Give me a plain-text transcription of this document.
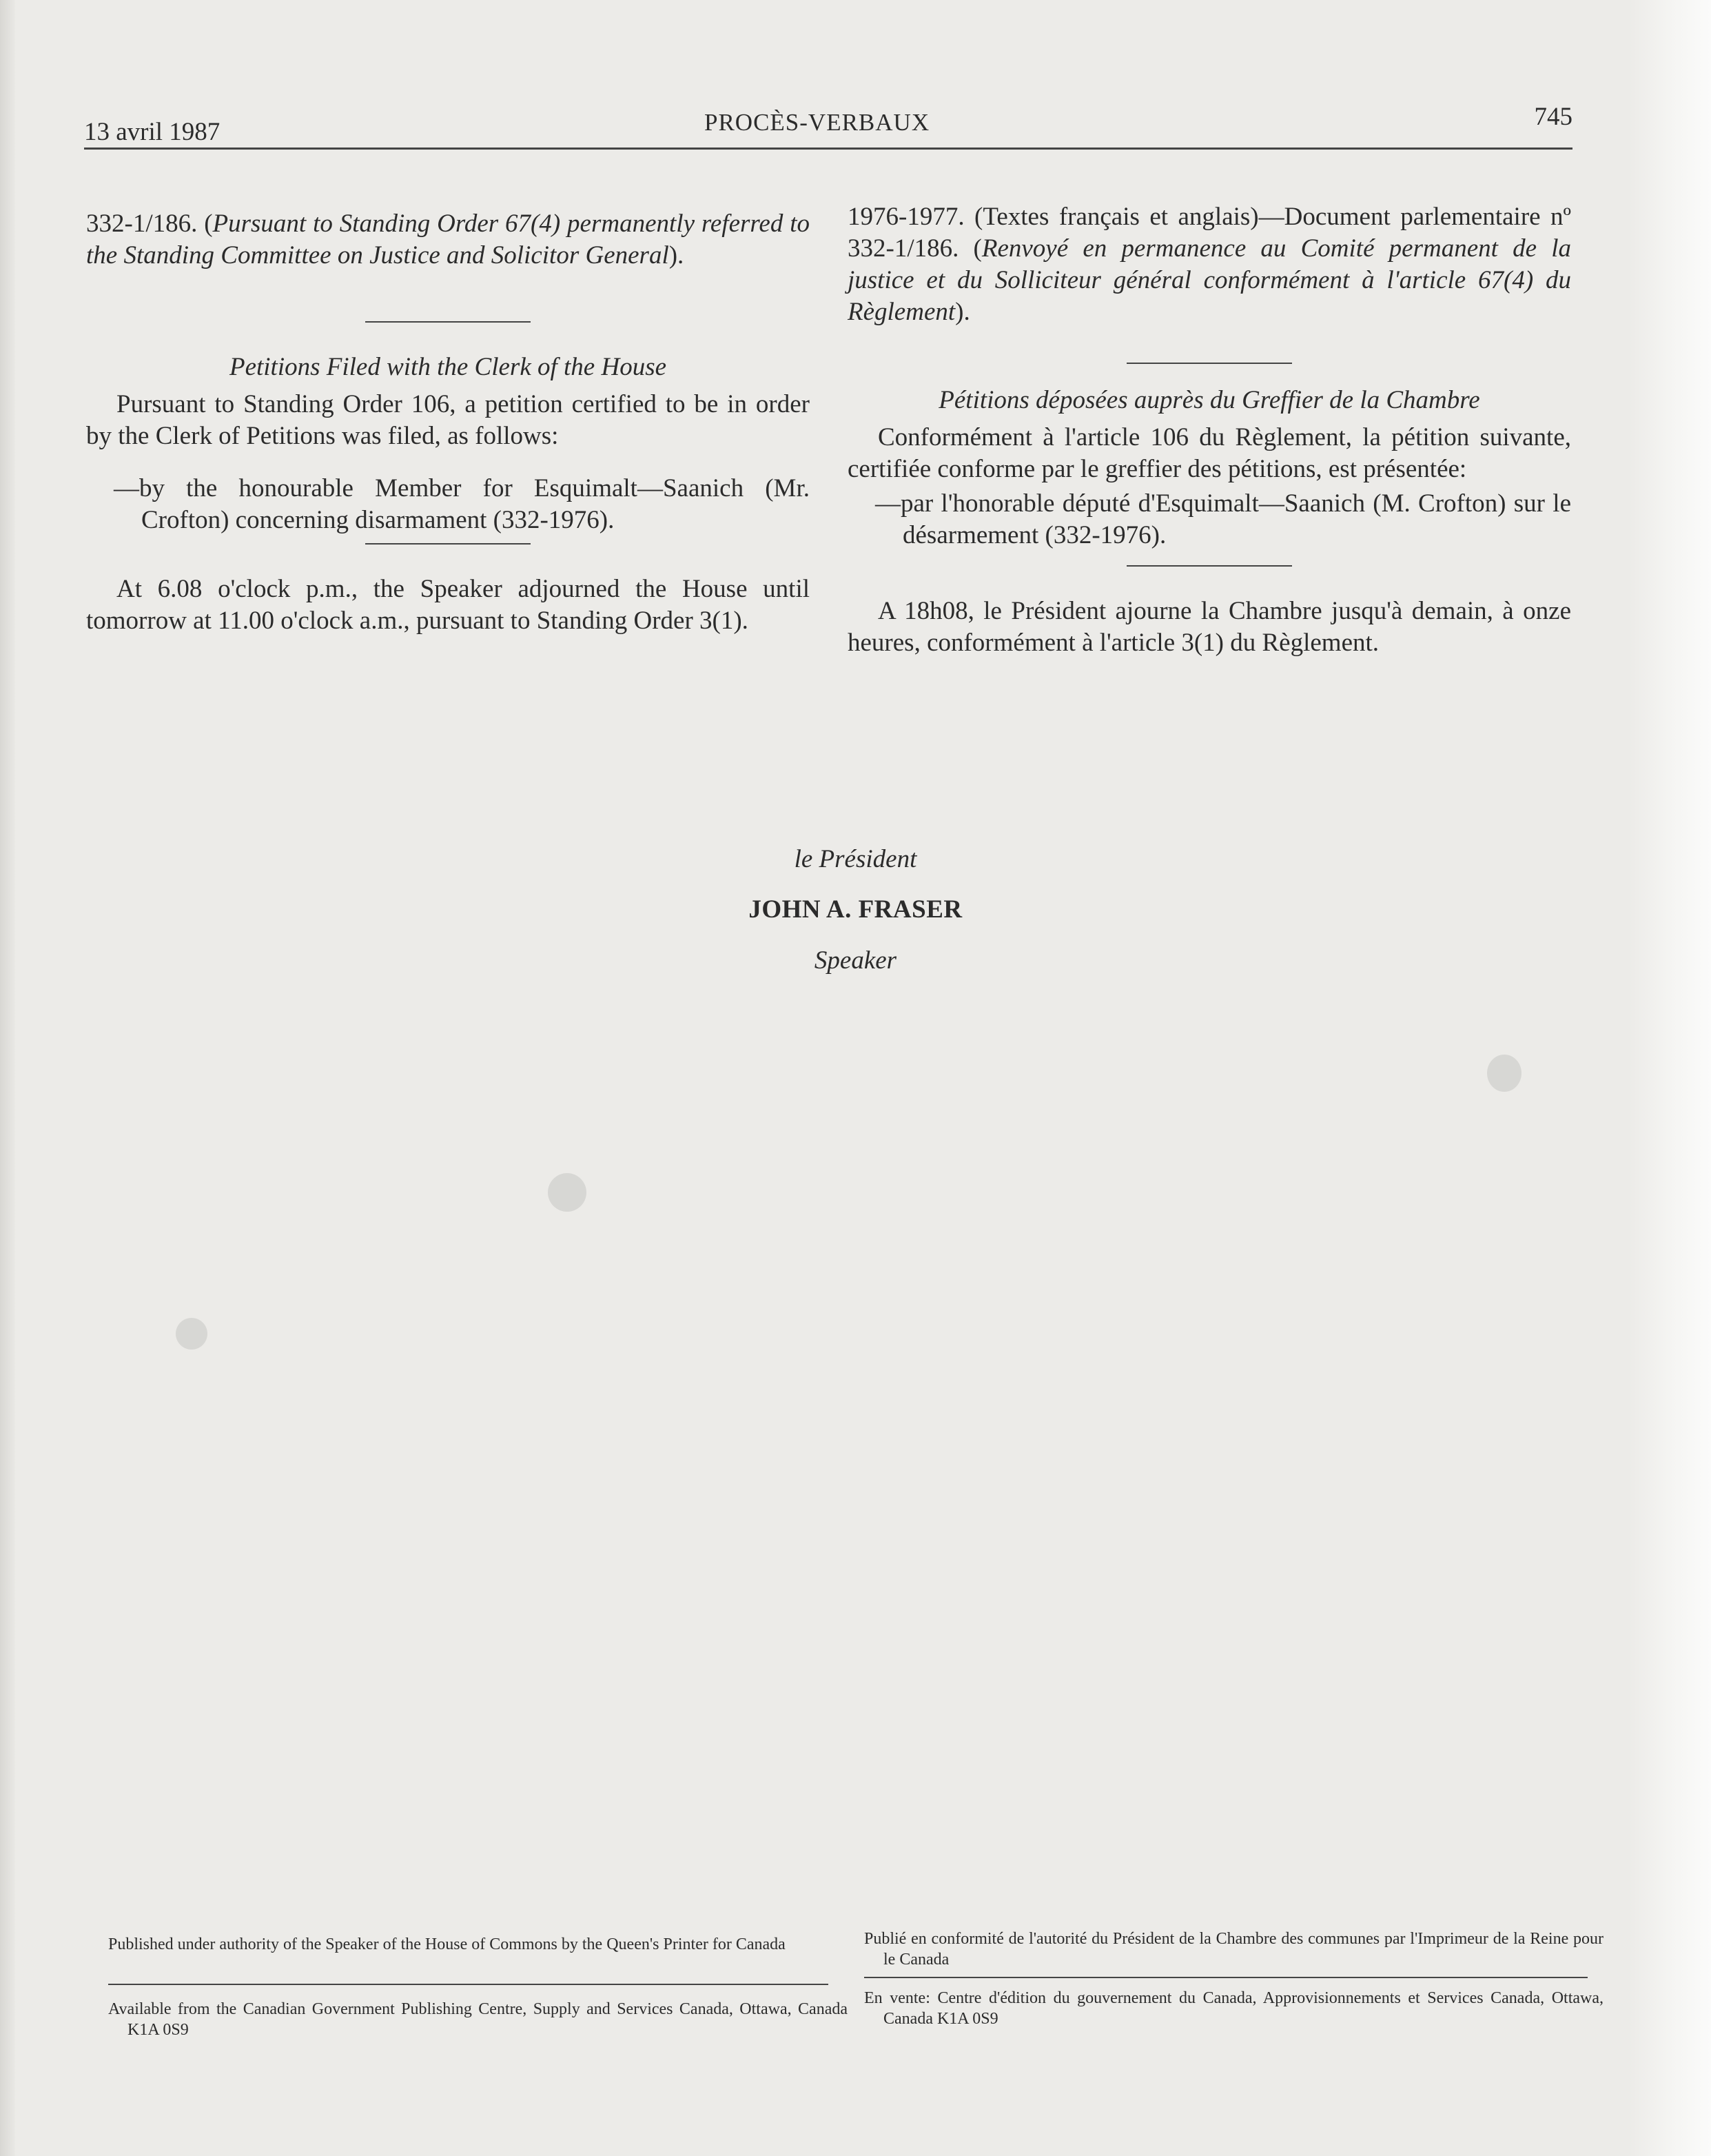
13 avril 1987	PROCÈS-VERBAUX	745

332-1/186. (Pursuant to Standing Order 67(4) permanently referred to the Standing Committee on Justice and Solicitor General).

Petitions Filed with the Clerk of the House

Pursuant to Standing Order 106, a petition certified to be in order by the Clerk of Petitions was filed, as follows:

—by the honourable Member for Esquimalt—Saanich (Mr. Crofton) concerning disarmament (332-1976).

At 6.08 o'clock p.m., the Speaker adjourned the House until tomorrow at 11.00 o'clock a.m., pursuant to Standing Order 3(1).

1976-1977. (Textes français et anglais)—Document parlementaire nº 332-1/186. (Renvoyé en permanence au Comité permanent de la justice et du Solliciteur général conformément à l'article 67(4) du Règlement).

Pétitions déposées auprès du Greffier de la Chambre

Conformément à l'article 106 du Règlement, la pétition suivante, certifiée conforme par le greffier des pétitions, est présentée:

—par l'honorable député d'Esquimalt—Saanich (M. Crofton) sur le désarmement (332-1976).

A 18h08, le Président ajourne la Chambre jusqu'à demain, à onze heures, conformément à l'article 3(1) du Règlement.

le Président
JOHN A. FRASER
Speaker
Published under authority of the Speaker of the House of Commons by the Queen's Printer for Canada
Available from the Canadian Government Publishing Centre, Supply and Services Canada, Ottawa, Canada K1A 0S9
Publié en conformité de l'autorité du Président de la Chambre des communes par l'Imprimeur de la Reine pour le Canada
En vente: Centre d'édition du gouvernement du Canada, Approvisionnements et Services Canada, Ottawa, Canada K1A 0S9
